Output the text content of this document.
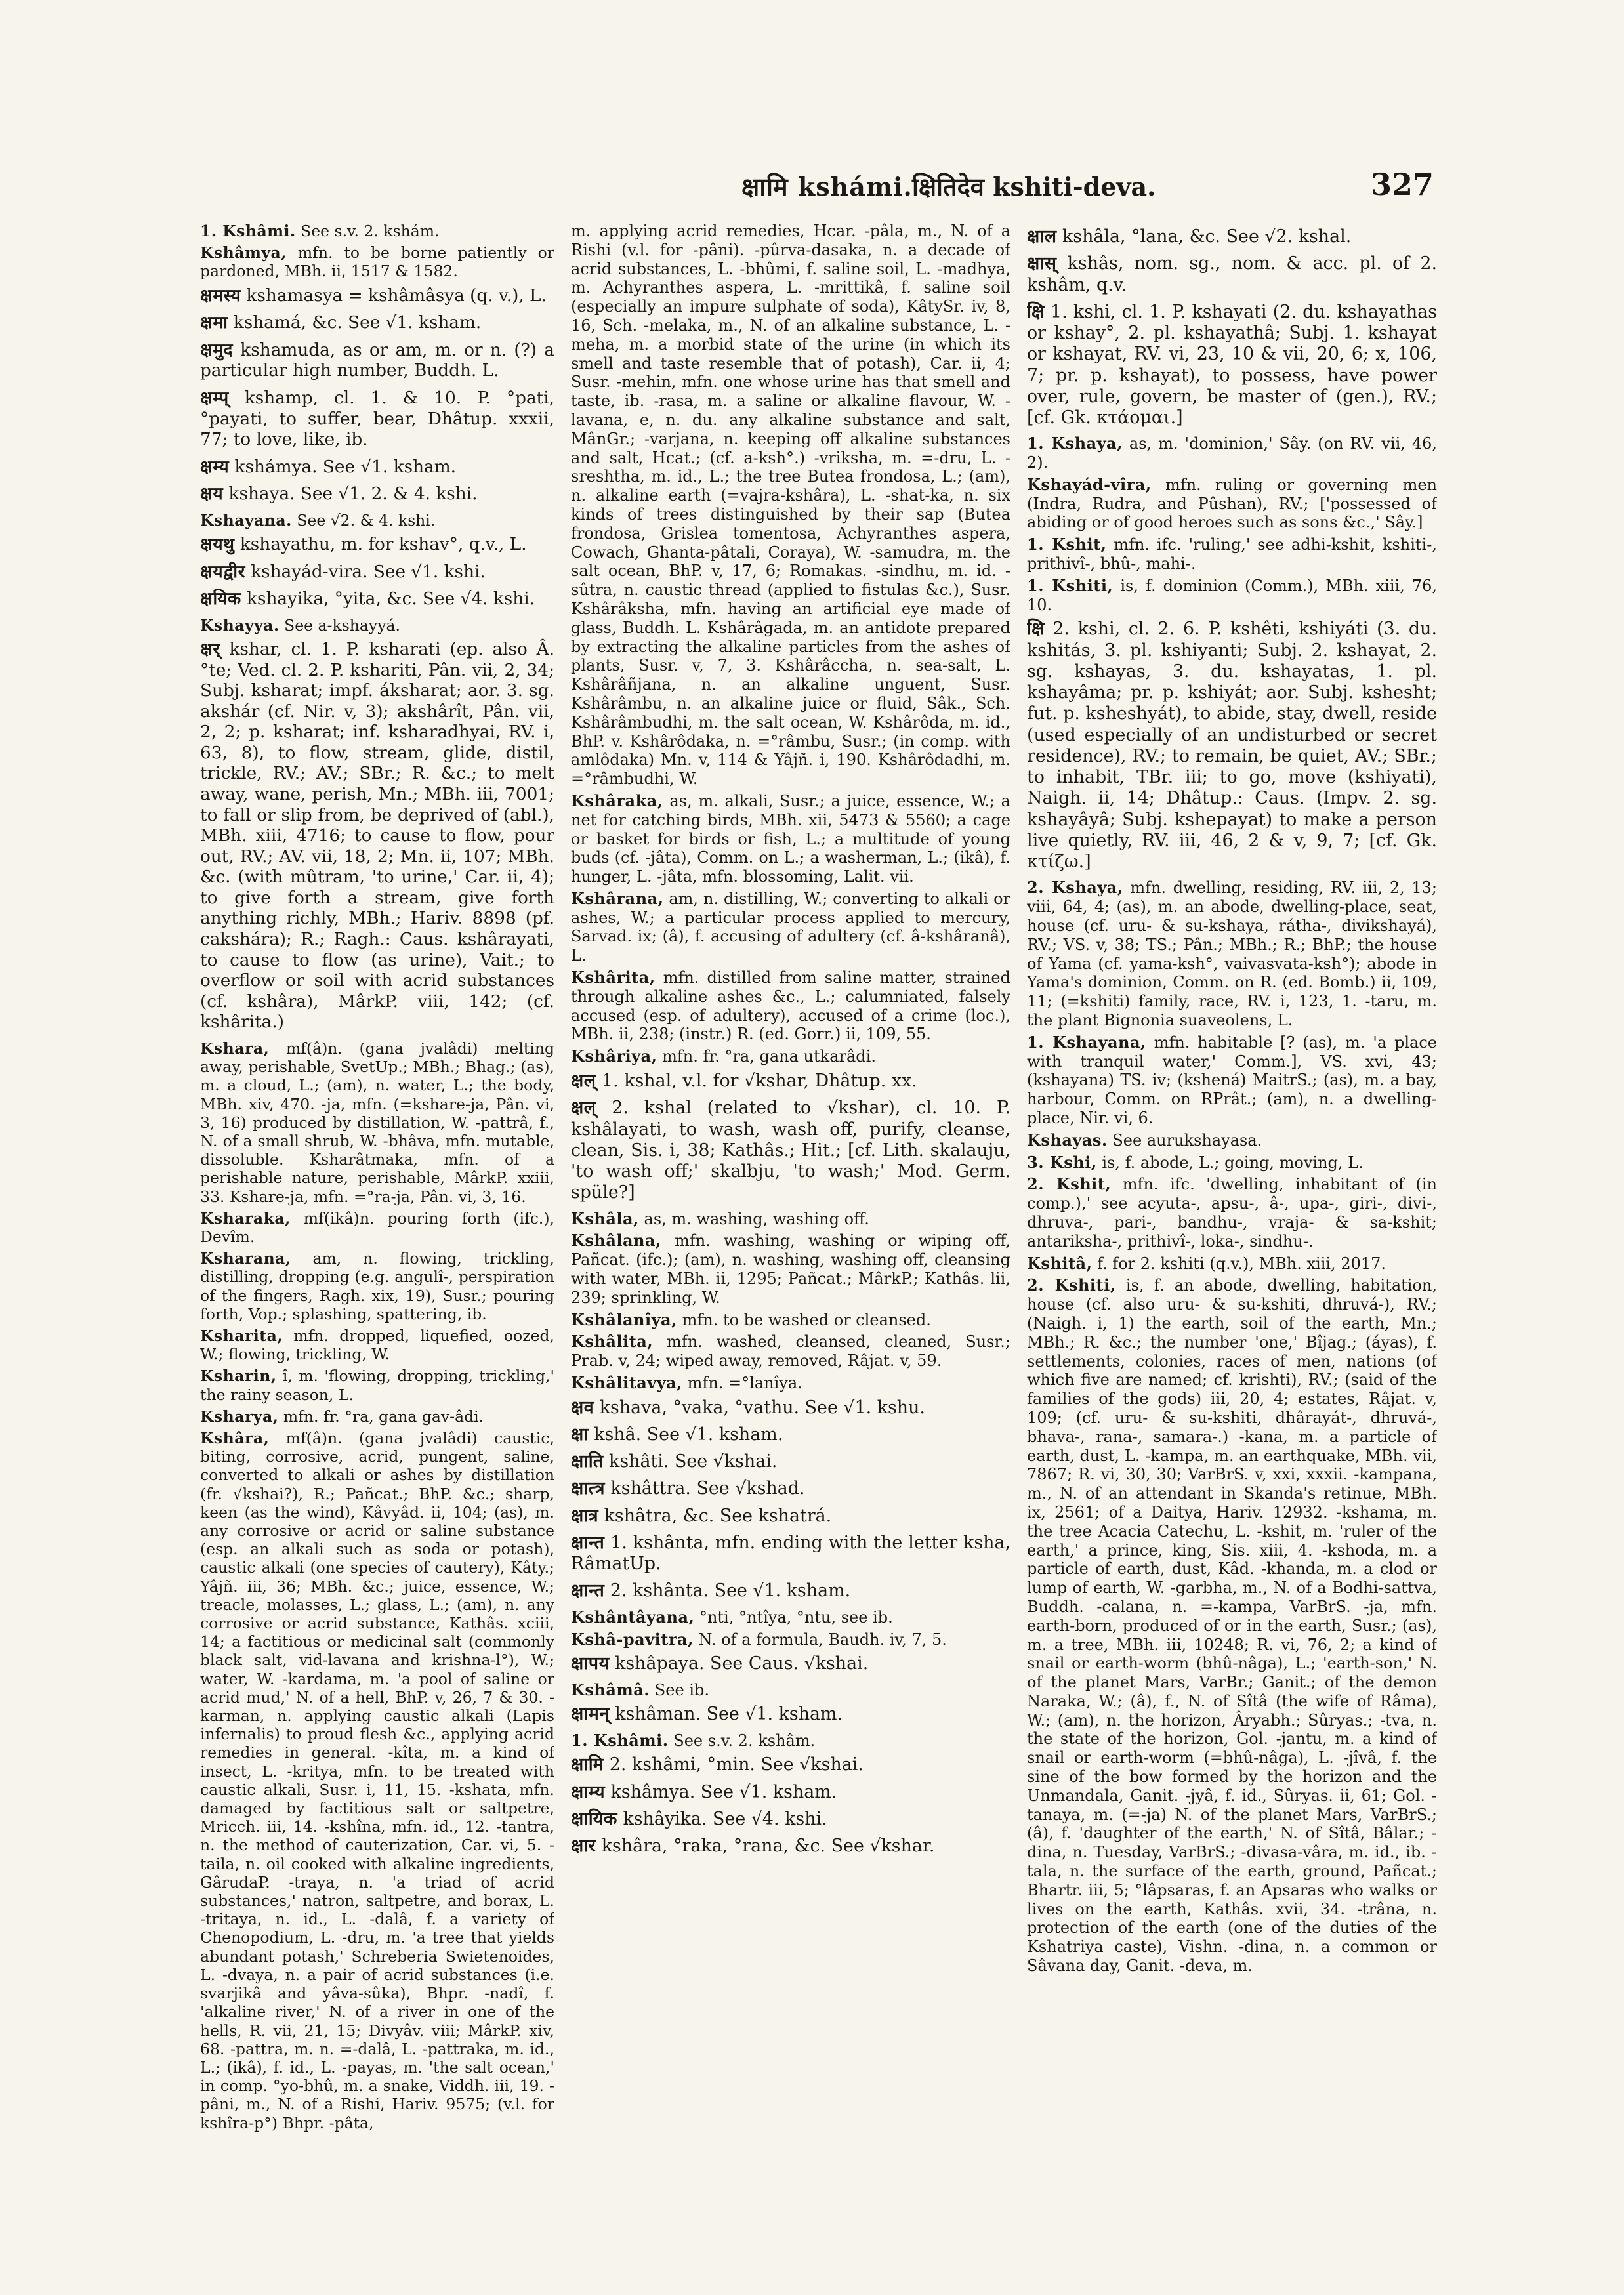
क्षामि kshámi. क्षितिदेव kshiti-deva.	327

1. Kshâmi. See s.v. 2. kshám.

Kshâmya, mfn. to be borne patiently or pardoned, MBh. ii, 1517 & 1582.

क्षमस्य kshamasya = kshâmâsya (q. v.), L.

क्षमा kshamá, &c. See √1. ksham.

क्षमुद kshamuda, as or am, m. or n. (?) a particular high number, Buddh. L.

क्षम्प् kshamp, cl. 1. & 10. P. °pati, °payati, to suffer, bear, Dhâtup. xxxii, 77; to love, like, ib.

क्षम्य kshámya. See √1. ksham.

क्षय kshaya. See √1. 2. & 4. kshi.

Kshayana. See √2. & 4. kshi.

क्षयथु kshayathu, m. for kshav°, q.v., L.

क्षयद्वीर kshayád-vira. See √1. kshi.

क्षयिक kshayika, °yita, &c. See √4. kshi.

Kshayya. See a-kshayyá.

क्षर् kshar, cl. 1. P. ksharati (ep. also Â. °te; Ved. cl. 2. P. kshariti, Pân. vii, 2, 34; Subj. ksharat; impf. áksharat; aor. 3. sg. akshár (cf. Nir. v, 3); akshârît, Pân. vii, 2, 2; p. ksharat; inf. ksharadhyai, RV. i, 63, 8), to flow, stream, glide, distil, trickle, RV.; AV.; SBr.; R. &c.; to melt away, wane, perish, Mn.; MBh. iii, 7001; to fall or slip from, be deprived of (abl.), MBh. xiii, 4716; to cause to flow, pour out, RV.; AV. vii, 18, 2; Mn. ii, 107; MBh. &c. (with mûtram, 'to urine,' Car. ii, 4); to give forth a stream, give forth anything richly, MBh.; Hariv. 8898 (pf. cakshára); R.; Ragh.: Caus. kshârayati, to cause to flow (as urine), Vait.; to overflow or soil with acrid substances (cf. kshâra), MârkP. viii, 142; (cf. kshârita.)

Kshara, mf(â)n. (gana jvalâdi) melting away, perishable, SvetUp.; MBh.; Bhag.; (as), m. a cloud, L.; (am), n. water, L.; the body, MBh. xiv, 470. -ja, mfn. (=kshare-ja, Pân. vi, 3, 16) produced by distillation, W. -pattrâ, f., N. of a small shrub, W. -bhâva, mfn. mutable, dissoluble. Ksharâtmaka, mfn. of a perishable nature, perishable, MârkP. xxiii, 33. Kshare-ja, mfn. =°ra-ja, Pân. vi, 3, 16.

Ksharaka, mf(ikâ)n. pouring forth (ifc.), Devîm.

Ksharana, am, n. flowing, trickling, distilling, dropping (e.g. angulî-, perspiration of the fingers, Ragh. xix, 19), Susr.; pouring forth, Vop.; splashing, spattering, ib.

Ksharita, mfn. dropped, liquefied, oozed, W.; flowing, trickling, W.

Ksharin, î, m. 'flowing, dropping, trickling,' the rainy season, L.

Ksharya, mfn. fr. °ra, gana gav-âdi.

Kshâra, mf(â)n. (gana jvalâdi) caustic, biting, corrosive, acrid, pungent, saline, converted to alkali or ashes by distillation (fr. √kshai?), R.; Pañcat.; BhP. &c.; sharp, keen (as the wind), Kâvyâd. ii, 104; (as), m. any corrosive or acrid or saline substance (esp. an alkali such as soda or potash), caustic alkali (one species of cautery), Kâty.; Yâjñ. iii, 36; MBh. &c.; juice, essence, W.; treacle, molasses, L.; glass, L.; (am), n. any corrosive or acrid substance, Kathâs. xciii, 14; a factitious or medicinal salt (commonly black salt, vid-lavana and krishna-l°), W.; water, W. -kardama, m. 'a pool of saline or acrid mud,' N. of a hell, BhP. v, 26, 7 & 30. -karman, n. applying caustic alkali (Lapis infernalis) to proud flesh &c., applying acrid remedies in general. -kîta, m. a kind of insect, L. -kritya, mfn. to be treated with caustic alkali, Susr. i, 11, 15. -kshata, mfn. damaged by factitious salt or saltpetre, Mricch. iii, 14. -kshîna, mfn. id., 12. -tantra, n. the method of cauterization, Car. vi, 5. -taila, n. oil cooked with alkaline ingredients, GârudaP. -traya, n. 'a triad of acrid substances,' natron, saltpetre, and borax, L. -tritaya, n. id., L. -dalâ, f. a variety of Chenopodium, L. -dru, m. 'a tree that yields abundant potash,' Schreberia Swietenoides, L. -dvaya, n. a pair of acrid substances (i.e. svarjikâ and yâva-sûka), Bhpr. -nadî, f. 'alkaline river,' N. of a river in one of the hells, R. vii, 21, 15; Divyâv. viii; MârkP. xiv, 68. -pattra, m. n. =-dalâ, L. -pattraka, m. id., L.; (ikâ), f. id., L. -payas, m. 'the salt ocean,' in comp. °yo-bhû, m. a snake, Viddh. iii, 19. -pâni, m., N. of a Rishi, Hariv. 9575; (v.l. for kshîra-p°) Bhpr. -pâta,

m. applying acrid remedies, Hcar. -pâla, m., N. of a Rishi (v.l. for -pâni). -pûrva-dasaka, n. a decade of acrid substances, L. -bhûmi, f. saline soil, L. -madhya, m. Achyranthes aspera, L. -mrittikâ, f. saline soil (especially an impure sulphate of soda), KâtySr. iv, 8, 16, Sch. -melaka, m., N. of an alkaline substance, L. -meha, m. a morbid state of the urine (in which its smell and taste resemble that of potash), Car. ii, 4; Susr. -mehin, mfn. one whose urine has that smell and taste, ib. -rasa, m. a saline or alkaline flavour, W. -lavana, e, n. du. any alkaline substance and salt, MânGr.; -varjana, n. keeping off alkaline substances and salt, Hcat.; (cf. a-ksh°.) -vriksha, m. =-dru, L. -sreshtha, m. id., L.; the tree Butea frondosa, L.; (am), n. alkaline earth (=vajra-kshâra), L. -shat-ka, n. six kinds of trees distinguished by their sap (Butea frondosa, Grislea tomentosa, Achyranthes aspera, Cowach, Ghanta-pâtali, Coraya), W. -samudra, m. the salt ocean, BhP. v, 17, 6; Romakas. -sindhu, m. id. -sûtra, n. caustic thread (applied to fistulas &c.), Susr. Kshârâksha, mfn. having an artificial eye made of glass, Buddh. L. Kshârâgada, m. an antidote prepared by extracting the alkaline particles from the ashes of plants, Susr. v, 7, 3. Kshârâccha, n. sea-salt, L. Kshârâñjana, n. an alkaline unguent, Susr. Kshârâmbu, n. an alkaline juice or fluid, Sâk., Sch. Kshârâmbudhi, m. the salt ocean, W. Kshârôda, m. id., BhP. v. Kshârôdaka, n. =°râmbu, Susr.; (in comp. with amlôdaka) Mn. v, 114 & Yâjñ. i, 190. Kshârôdadhi, m. =°râmbudhi, W.

Kshâraka, as, m. alkali, Susr.; a juice, essence, W.; a net for catching birds, MBh. xii, 5473 & 5560; a cage or basket for birds or fish, L.; a multitude of young buds (cf. -jâta), Comm. on L.; a washerman, L.; (ikâ), f. hunger, L. -jâta, mfn. blossoming, Lalit. vii.

Kshârana, am, n. distilling, W.; converting to alkali or ashes, W.; a particular process applied to mercury, Sarvad. ix; (â), f. accusing of adultery (cf. â-kshâranâ), L.

Kshârita, mfn. distilled from saline matter, strained through alkaline ashes &c., L.; calumniated, falsely accused (esp. of adultery), accused of a crime (loc.), MBh. ii, 238; (instr.) R. (ed. Gorr.) ii, 109, 55.

Kshâriya, mfn. fr. °ra, gana utkarâdi.

क्षल् 1. kshal, v.l. for √kshar, Dhâtup. xx.

क्षल् 2. kshal (related to √kshar), cl. 10. P. kshâlayati, to wash, wash off, purify, cleanse, clean, Sis. i, 38; Kathâs.; Hit.; [cf. Lith. skalauju, 'to wash off;' skalbju, 'to wash;' Mod. Germ. spüle?]

Kshâla, as, m. washing, washing off.

Kshâlana, mfn. washing, washing or wiping off, Pañcat. (ifc.); (am), n. washing, washing off, cleansing with water, MBh. ii, 1295; Pañcat.; MârkP.; Kathâs. lii, 239; sprinkling, W.

Kshâlanîya, mfn. to be washed or cleansed.

Kshâlita, mfn. washed, cleansed, cleaned, Susr.; Prab. v, 24; wiped away, removed, Râjat. v, 59.

Kshâlitavya, mfn. =°lanîya.

क्षव kshava, °vaka, °vathu. See √1. kshu.

क्षा kshâ. See √1. ksham.

क्षाति kshâti. See √kshai.

क्षात्त्र kshâttra. See √kshad.

क्षात्र kshâtra, &c. See kshatrá.

क्षान्त 1. kshânta, mfn. ending with the letter ksha, RâmatUp.

क्षान्त 2. kshânta. See √1. ksham.

Kshântâyana, °nti, °ntîya, °ntu, see ib.

Kshâ-pavitra, N. of a formula, Baudh. iv, 7, 5.

क्षापय kshâpaya. See Caus. √kshai.

Kshâmâ. See ib.

क्षामन् kshâman. See √1. ksham.

1. Kshâmi. See s.v. 2. kshâm.

क्षामि 2. kshâmi, °min. See √kshai.

क्षाम्य kshâmya. See √1. ksham.

क्षायिक kshâyika. See √4. kshi.

क्षार kshâra, °raka, °rana, &c. See √kshar.

क्षाल kshâla, °lana, &c. See √2. kshal.

क्षास् kshâs, nom. sg., nom. & acc. pl. of 2. kshâm, q.v.

क्षि 1. kshi, cl. 1. P. kshayati (2. du. kshayathas or kshay°, 2. pl. kshayathâ; Subj. 1. kshayat or kshayat, RV. vi, 23, 10 & vii, 20, 6; x, 106, 7; pr. p. kshayat), to possess, have power over, rule, govern, be master of (gen.), RV.; [cf. Gk. κτάομαι.]

1. Kshaya, as, m. 'dominion,' Sây. (on RV. vii, 46, 2).

Kshayád-vîra, mfn. ruling or governing men (Indra, Rudra, and Pûshan), RV.; ['possessed of abiding or of good heroes such as sons &c.,' Sây.]

1. Kshit, mfn. ifc. 'ruling,' see adhi-kshit, kshiti-, prithivî-, bhû-, mahi-.

1. Kshiti, is, f. dominion (Comm.), MBh. xiii, 76, 10.

क्षि 2. kshi, cl. 2. 6. P. kshêti, kshiyáti (3. du. kshitás, 3. pl. kshiyanti; Subj. 2. kshayat, 2. sg. kshayas, 3. du. kshayatas, 1. pl. kshayâma; pr. p. kshiyát; aor. Subj. kshesht; fut. p. ksheshyát), to abide, stay, dwell, reside (used especially of an undisturbed or secret residence), RV.; to remain, be quiet, AV.; SBr.; to inhabit, TBr. iii; to go, move (kshiyati), Naigh. ii, 14; Dhâtup.: Caus. (Impv. 2. sg. kshayâyâ; Subj. kshepayat) to make a person live quietly, RV. iii, 46, 2 & v, 9, 7; [cf. Gk. κτίζω.]

2. Kshaya, mfn. dwelling, residing, RV. iii, 2, 13; viii, 64, 4; (as), m. an abode, dwelling-place, seat, house (cf. uru- & su-kshaya, rátha-, divikshayá), RV.; VS. v, 38; TS.; Pân.; MBh.; R.; BhP.; the house of Yama (cf. yama-ksh°, vaivasvata-ksh°); abode in Yama's dominion, Comm. on R. (ed. Bomb.) ii, 109, 11; (=kshiti) family, race, RV. i, 123, 1. -taru, m. the plant Bignonia suaveolens, L.

1. Kshayana, mfn. habitable [? (as), m. 'a place with tranquil water,' Comm.], VS. xvi, 43; (kshayana) TS. iv; (kshená) MaitrS.; (as), m. a bay, harbour, Comm. on RPrât.; (am), n. a dwelling-place, Nir. vi, 6.

Kshayas. See aurukshayasa.

3. Kshi, is, f. abode, L.; going, moving, L.

2. Kshit, mfn. ifc. 'dwelling, inhabitant of (in comp.),' see acyuta-, apsu-, â-, upa-, giri-, divi-, dhruva-, pari-, bandhu-, vraja- & sa-kshit; antariksha-, prithivî-, loka-, sindhu-.

Kshitâ, f. for 2. kshiti (q.v.), MBh. xiii, 2017.

2. Kshiti, is, f. an abode, dwelling, habitation, house (cf. also uru- & su-kshiti, dhruvá-), RV.; (Naigh. i, 1) the earth, soil of the earth, Mn.; MBh.; R. &c.; the number 'one,' Bîjag.; (áyas), f. settlements, colonies, races of men, nations (of which five are named; cf. krishti), RV.; (said of the families of the gods) iii, 20, 4; estates, Râjat. v, 109; (cf. uru- & su-kshiti, dhârayát-, dhruvá-, bhava-, rana-, samara-.) -kana, m. a particle of earth, dust, L. -kampa, m. an earthquake, MBh. vii, 7867; R. vi, 30, 30; VarBrS. v, xxi, xxxii. -kampana, m., N. of an attendant in Skanda's retinue, MBh. ix, 2561; of a Daitya, Hariv. 12932. -kshama, m. the tree Acacia Catechu, L. -kshit, m. 'ruler of the earth,' a prince, king, Sis. xiii, 4. -kshoda, m. a particle of earth, dust, Kâd. -khanda, m. a clod or lump of earth, W. -garbha, m., N. of a Bodhi-sattva, Buddh. -calana, n. =-kampa, VarBrS. -ja, mfn. earth-born, produced of or in the earth, Susr.; (as), m. a tree, MBh. iii, 10248; R. vi, 76, 2; a kind of snail or earth-worm (bhû-nâga), L.; 'earth-son,' N. of the planet Mars, VarBr.; Ganit.; of the demon Naraka, W.; (â), f., N. of Sîtâ (the wife of Râma), W.; (am), n. the horizon, Âryabh.; Sûryas.; -tva, n. the state of the horizon, Gol. -jantu, m. a kind of snail or earth-worm (=bhû-nâga), L. -jîvâ, f. the sine of the bow formed by the horizon and the Unmandala, Ganit. -jyâ, f. id., Sûryas. ii, 61; Gol. -tanaya, m. (=-ja) N. of the planet Mars, VarBrS.; (â), f. 'daughter of the earth,' N. of Sîtâ, Bâlar.; -dina, n. Tuesday, VarBrS.; -divasa-vâra, m. id., ib. -tala, n. the surface of the earth, ground, Pañcat.; Bhartr. iii, 5; °lâpsaras, f. an Apsaras who walks or lives on the earth, Kathâs. xvii, 34. -trâna, n. protection of the earth (one of the duties of the Kshatriya caste), Vishn. -dina, n. a common or Sâvana day, Ganit. -deva, m.
